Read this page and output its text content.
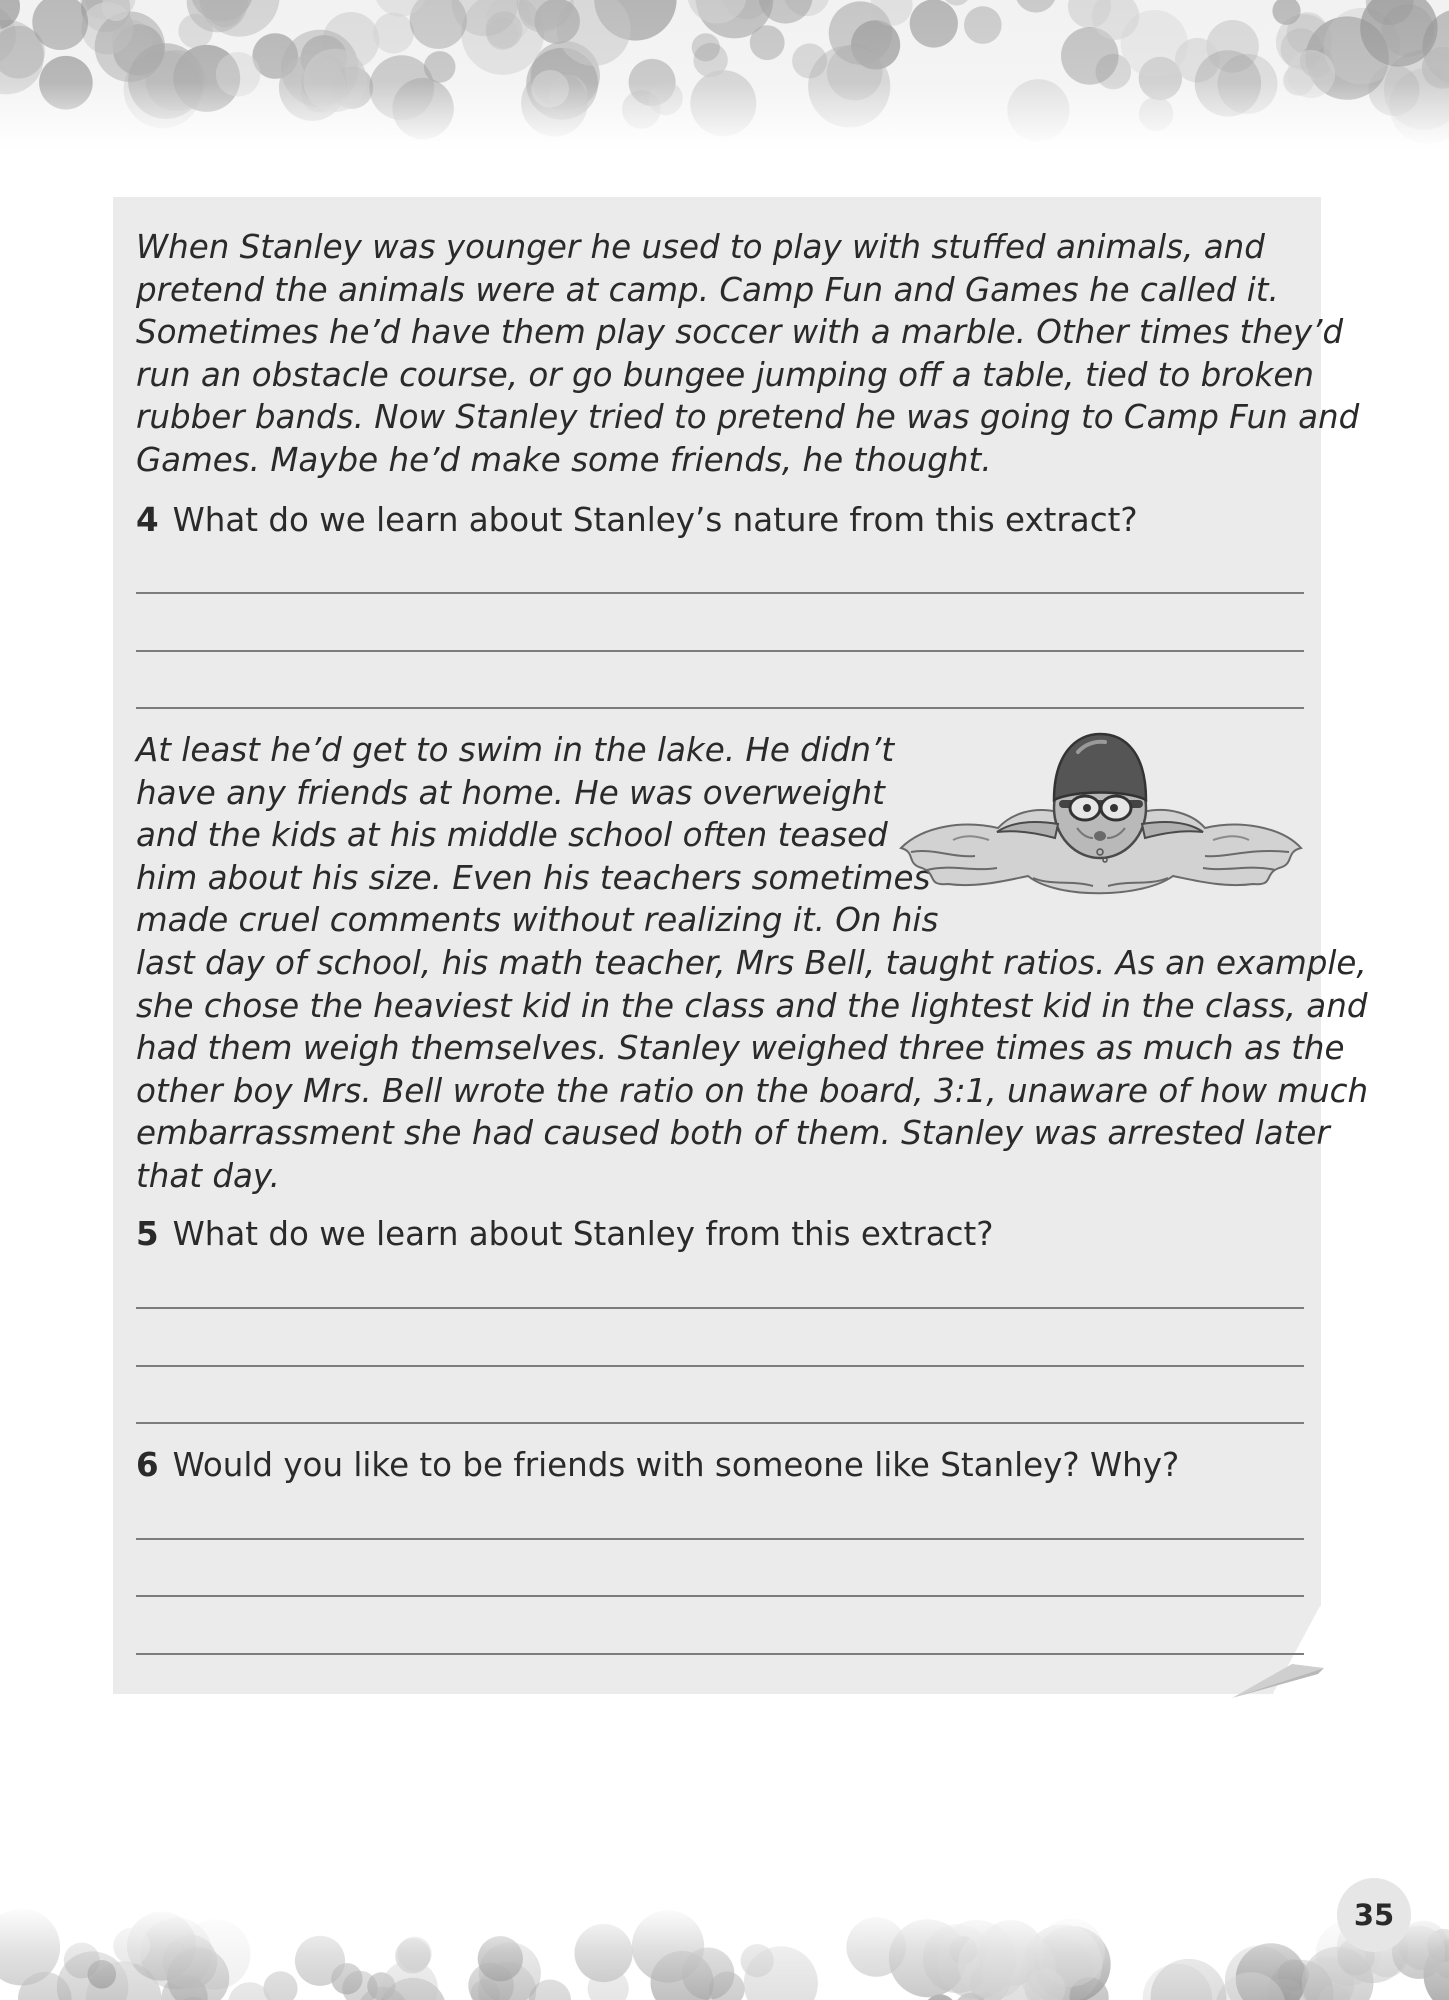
When Stanley was younger he used to play with stuffed animals, and
pretend the animals were at camp. Camp Fun and Games he called it.
Sometimes he’d have them play soccer with a marble. Other times they’d
run an obstacle course, or go bungee jumping off a table, tied to broken
rubber bands. Now Stanley tried to pretend he was going to Camp Fun and
Games. Maybe he’d make some friends, he thought.
4 What do we learn about Stanley’s nature from this extract?
At least he’d get to swim in the lake. He didn’t
have any friends at home. He was overweight
and the kids at his middle school often teased
him about his size. Even his teachers sometimes
made cruel comments without realizing it. On his
last day of school, his math teacher, Mrs Bell, taught ratios. As an example,
she chose the heaviest kid in the class and the lightest kid in the class, and
had them weigh themselves. Stanley weighed three times as much as the
other boy Mrs. Bell wrote the ratio on the board, 3:1, unaware of how much
embarrassment she had caused both of them. Stanley was arrested later
that day.
5 What do we learn about Stanley from this extract?
6 Would you like to be friends with someone like Stanley? Why?
35
